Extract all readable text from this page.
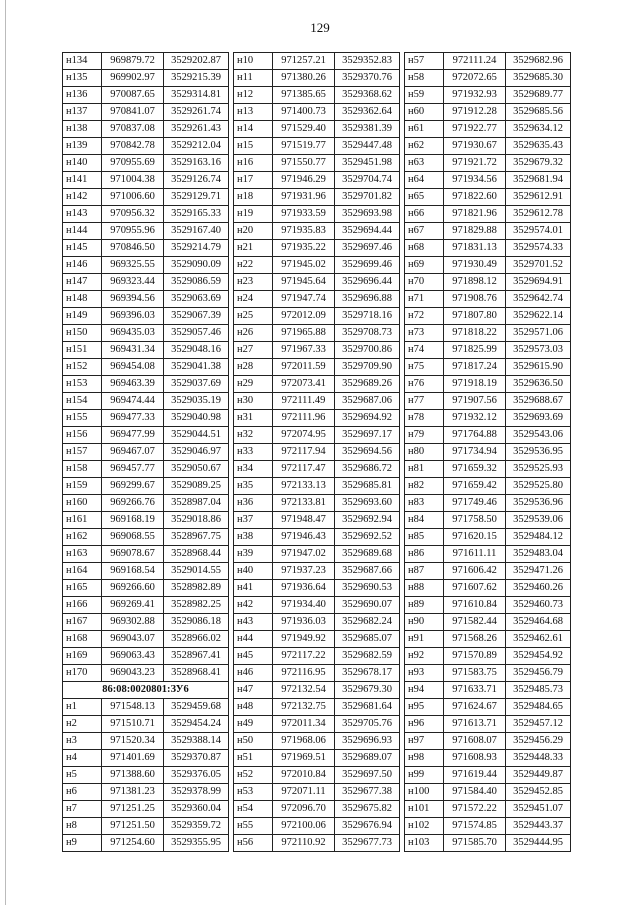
129
н134	969879.72	3529202.87
н135	969902.97	3529215.39
н136	970087.65	3529314.81
н137	970841.07	3529261.74
н138	970837.08	3529261.43
н139	970842.78	3529212.04
н140	970955.69	3529163.16
н141	971004.38	3529126.74
н142	971006.60	3529129.71
н143	970956.32	3529165.33
н144	970955.96	3529167.40
н145	970846.50	3529214.79
н146	969325.55	3529090.09
н147	969323.44	3529086.59
н148	969394.56	3529063.69
н149	969396.03	3529067.39
н150	969435.03	3529057.46
н151	969431.34	3529048.16
н152	969454.08	3529041.38
н153	969463.39	3529037.69
н154	969474.44	3529035.19
н155	969477.33	3529040.98
н156	969477.99	3529044.51
н157	969467.07	3529046.97
н158	969457.77	3529050.67
н159	969299.67	3529089.25
н160	969266.76	3528987.04
н161	969168.19	3529018.86
н162	969068.55	3528967.75
н163	969078.67	3528968.44
н164	969168.54	3529014.55
н165	969266.60	3528982.89
н166	969269.41	3528982.25
н167	969302.88	3529086.18
н168	969043.07	3528966.02
н169	969063.43	3528967.41
н170	969043.23	3528968.41
86:08:0020801:ЗУ6		
н1	971548.13	3529459.68
н2	971510.71	3529454.24
н3	971520.34	3529388.14
н4	971401.69	3529370.87
н5	971388.60	3529376.05
н6	971381.23	3529378.99
н7	971251.25	3529360.04
н8	971251.50	3529359.72
н9	971254.60	3529355.95
н10	971257.21	3529352.83
н11	971380.26	3529370.76
н12	971385.65	3529368.62
н13	971400.73	3529362.64
н14	971529.40	3529381.39
н15	971519.77	3529447.48
н16	971550.77	3529451.98
н17	971946.29	3529704.74
н18	971931.96	3529701.82
н19	971933.59	3529693.98
н20	971935.83	3529694.44
н21	971935.22	3529697.46
н22	971945.02	3529699.46
н23	971945.64	3529696.44
н24	971947.74	3529696.88
н25	972012.09	3529718.16
н26	971965.88	3529708.73
н27	971967.33	3529700.86
н28	972011.59	3529709.90
н29	972073.41	3529689.26
н30	972111.49	3529687.06
н31	972111.96	3529694.92
н32	972074.95	3529697.17
н33	972117.94	3529694.56
н34	972117.47	3529686.72
н35	972133.13	3529685.81
н36	972133.81	3529693.60
н37	971948.47	3529692.94
н38	971946.43	3529692.52
н39	971947.02	3529689.68
н40	971937.23	3529687.66
н41	971936.64	3529690.53
н42	971934.40	3529690.07
н43	971936.03	3529682.24
н44	971949.92	3529685.07
н45	972117.22	3529682.59
н46	972116.95	3529678.17
н47	972132.54	3529679.30
н48	972132.75	3529681.64
н49	972011.34	3529705.76
н50	971968.06	3529696.93
н51	971969.51	3529689.07
н52	972010.84	3529697.50
н53	972071.11	3529677.38
н54	972096.70	3529675.82
н55	972100.06	3529676.94
н56	972110.92	3529677.73
н57	972111.24	3529682.96
н58	972072.65	3529685.30
н59	971932.93	3529689.77
н60	971912.28	3529685.56
н61	971922.77	3529634.12
н62	971930.67	3529635.43
н63	971921.72	3529679.32
н64	971934.56	3529681.94
н65	971822.60	3529612.91
н66	971821.96	3529612.78
н67	971829.88	3529574.01
н68	971831.13	3529574.33
н69	971930.49	3529701.52
н70	971898.12	3529694.91
н71	971908.76	3529642.74
н72	971807.80	3529622.14
н73	971818.22	3529571.06
н74	971825.99	3529573.03
н75	971817.24	3529615.90
н76	971918.19	3529636.50
н77	971907.56	3529688.67
н78	971932.12	3529693.69
н79	971764.88	3529543.06
н80	971734.94	3529536.95
н81	971659.32	3529525.93
н82	971659.42	3529525.80
н83	971749.46	3529536.96
н84	971758.50	3529539.06
н85	971620.15	3529484.12
н86	971611.11	3529483.04
н87	971606.42	3529471.26
н88	971607.62	3529460.26
н89	971610.84	3529460.73
н90	971582.44	3529464.68
н91	971568.26	3529462.61
н92	971570.89	3529454.92
н93	971583.75	3529456.79
н94	971633.71	3529485.73
н95	971624.67	3529484.65
н96	971613.71	3529457.12
н97	971608.07	3529456.29
н98	971608.93	3529448.33
н99	971619.44	3529449.87
н100	971584.40	3529452.85
н101	971572.22	3529451.07
н102	971574.85	3529443.37
н103	971585.70	3529444.95
